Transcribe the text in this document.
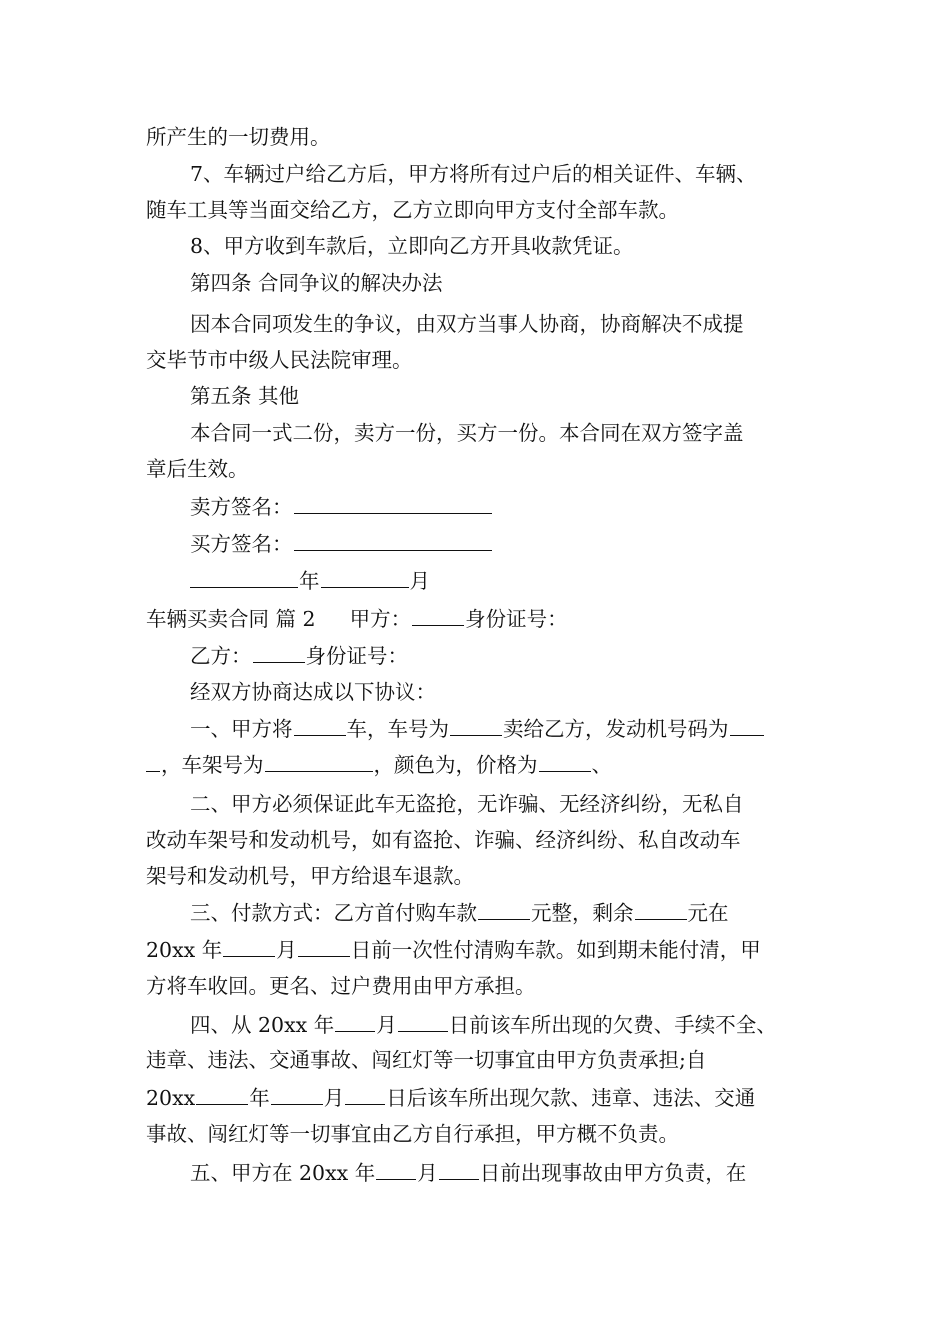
所产生的一切费用。
7、车辆过户给乙方后，甲方将所有过户后的相关证件、车辆、
随车工具等当面交给乙方，乙方立即向甲方支付全部车款。
8、甲方收到车款后，立即向乙方开具收款凭证。
第四条 合同争议的解决办法
因本合同项发生的争议，由双方当事人协商，协商解决不成提
交毕节市中级人民法院审理。
第五条 其他
本合同一式二份，卖方一份，买方一份。本合同在双方签字盖
章后生效。
卖方签名：
买方签名：
年	月
车辆买卖合同 篇 2 甲方：	身份证号：
乙方：	身份证号：
经双方协商达成以下协议：
一、甲方将	车，车号为	卖给乙方，发动机号码为
，车架号为	，颜色为，价格为	、
二、甲方必须保证此车无盗抢，无诈骗、无经济纠纷，无私自
改动车架号和发动机号，如有盗抢、诈骗、经济纠纷、私自改动车
架号和发动机号，甲方给退车退款。
三、付款方式：乙方首付购车款	元整，剩余	元在
20xx 年	月	日前一次性付清购车款。如到期未能付清，甲
方将车收回。更名、过户费用由甲方承担。
四、从 20xx 年 月	日前该车所出现的欠费、手续不全、
违章、违法、交通事故、闯红灯等一切事宜由甲方负责承担;自
20xx	年	月 日后该车所出现欠款、违章、违法、交通
事故、闯红灯等一切事宜由乙方自行承担，甲方概不负责。
五、甲方在 20xx 年 月 日前出现事故由甲方负责，在
